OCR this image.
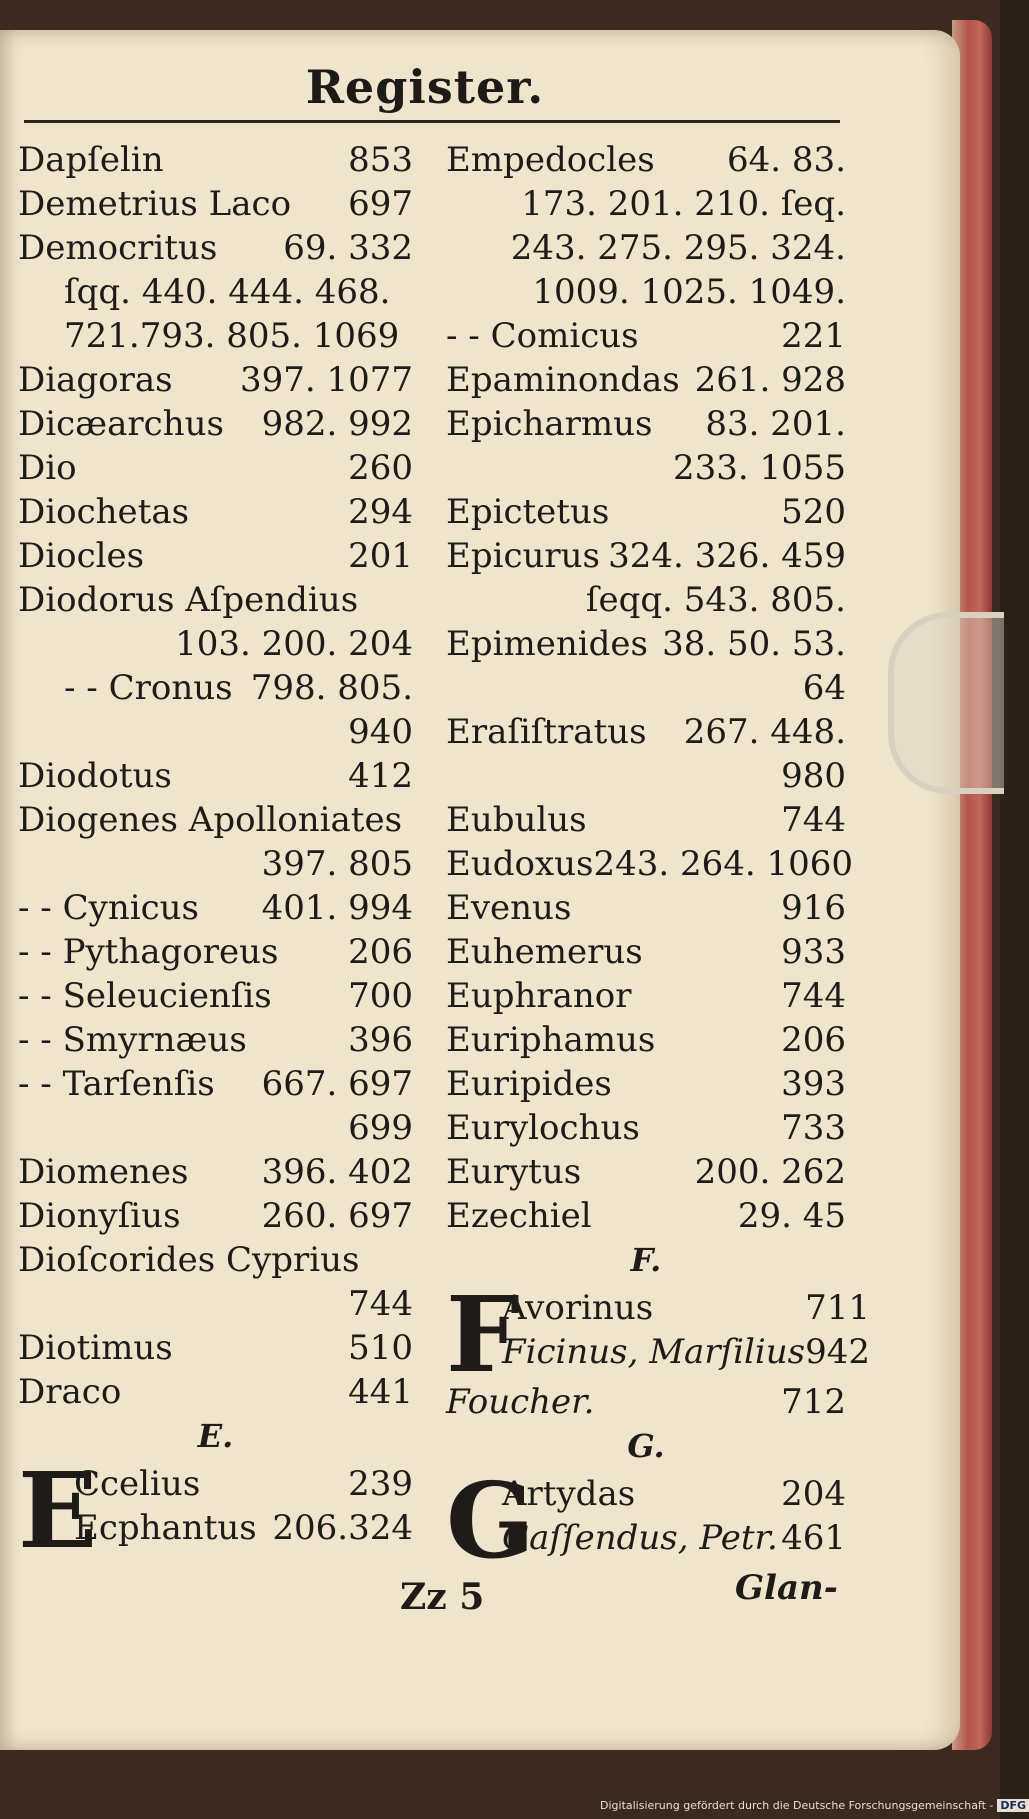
Register.
Dapſelin	853
Demetrius Laco 697
Democritus 69. 332
ſqq. 440. 444. 468.
721.793. 805. 1069
Diagoras 397. 1077
Dicæarchus 982. 992
Dio	260
Diochetas	294
Diocles	201
Diodorus Aſpendius
103. 200. 204
- - Cronus 798. 805.
940
Diodotus	412
Diogenes Apolloniates
397. 805
- - Cynicus 401. 994
- - Pythagoreus 206
- - Seleucienſis 700
- - Smyrnæus	396
- - Tarſenſis 667. 697
699
Diomenes 396. 402
Dionyſius 260. 697
Dioſcorides Cyprius
744
Diotimus	510
Draco	441
E.
E
Ccelius	239
Ecphantus 206.324
Empedocles 64. 83.
173. 201. 210. ſeq.
243. 275. 295. 324.
1009. 1025. 1049.
- - Comicus	221
Epaminondas 261. 928
Epicharmus 83. 201.
233. 1055
Epictetus	520
Epicurus 324. 326. 459
ſeqq. 543. 805.
Epimenides 38. 50. 53.
64
Eraſiſtratus 267. 448.
980
Eubulus	744
Eudoxus 243. 264. 1060
Evenus	916
Euhemerus	933
Euphranor	744
Euriphamus	206
Euripides	393
Eurylochus	733
Eurytus	200. 262
Ezechiel	29. 45
F.
F
Avorinus	711
Ficinus, Marſilius 942
Foucher.	712
G.
G
Artydas	204
Gaſſendus, Petr. 461
Zz 5	Glan-
Digitalisierung gefördert durch die Deutsche Forschungsgemeinschaft - DFG
